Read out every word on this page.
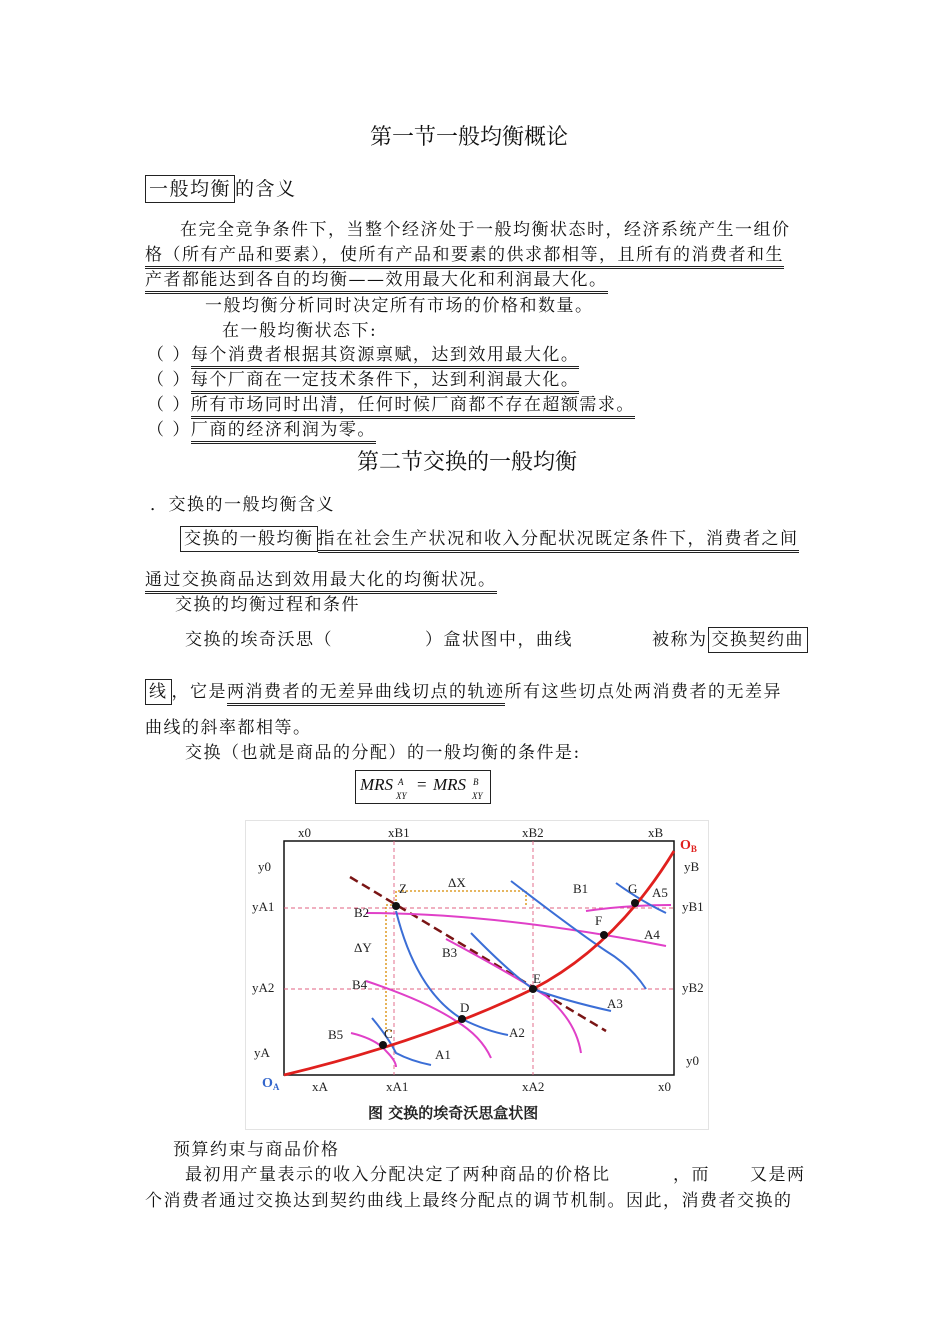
第一节一般均衡概论
一般均衡 的含义
在完全竞争条件下，当整个经济处于一般均衡状态时，经济系统产生一组价
格（所有产品和要素），使所有产品和要素的供求都相等，且所有的消费者和生
产者都能达到各自的均衡——效用最大化和利润最大化。
一般均衡分析同时决定所有市场的价格和数量。
在一般均衡状态下:
（ ）每个消费者根据其资源禀赋，达到效用最大化。
（ ）每个厂商在一定技术条件下，达到利润最大化。
（ ）所有市场同时出清，任何时候厂商都不存在超额需求。
（ ）厂商的经济利润为零。
第二节交换的一般均衡
．交换的一般均衡含义
交换的一般均衡 指在社会生产状况和收入分配状况既定条件下，消费者之间
通过交换商品达到效用最大化的均衡状况。
交换的均衡过程和条件
交换的埃奇沃思（	）盒状图中，曲线	被称为 交换契约曲
线 ，它是两消费者的无差异曲线切点的轨迹所有这些切点处两消费者的无差异
曲线的斜率都相等。
交换（也就是商品的分配）的一般均衡的条件是:
MRS A
XY
= MRS B
XY
Z
F
G
E
D
C
B1
B2
B3
B4
B5
A5
A4
A3
A2
A1
ΔX
ΔY
x0	xB1	xB2	xB
xA	xA1	xA2	x0
y0
yA1
yA2
yA
yB
yB1
yB2
y0
$O_A$
$O_B$
图 交换的埃奇沃思盒状图
预算约束与商品价格
最初用产量表示的收入分配决定了两种商品的价格比	，而 又是两
个消费者通过交换达到契约曲线上最终分配点的调节机制。因此，消费者交换的
